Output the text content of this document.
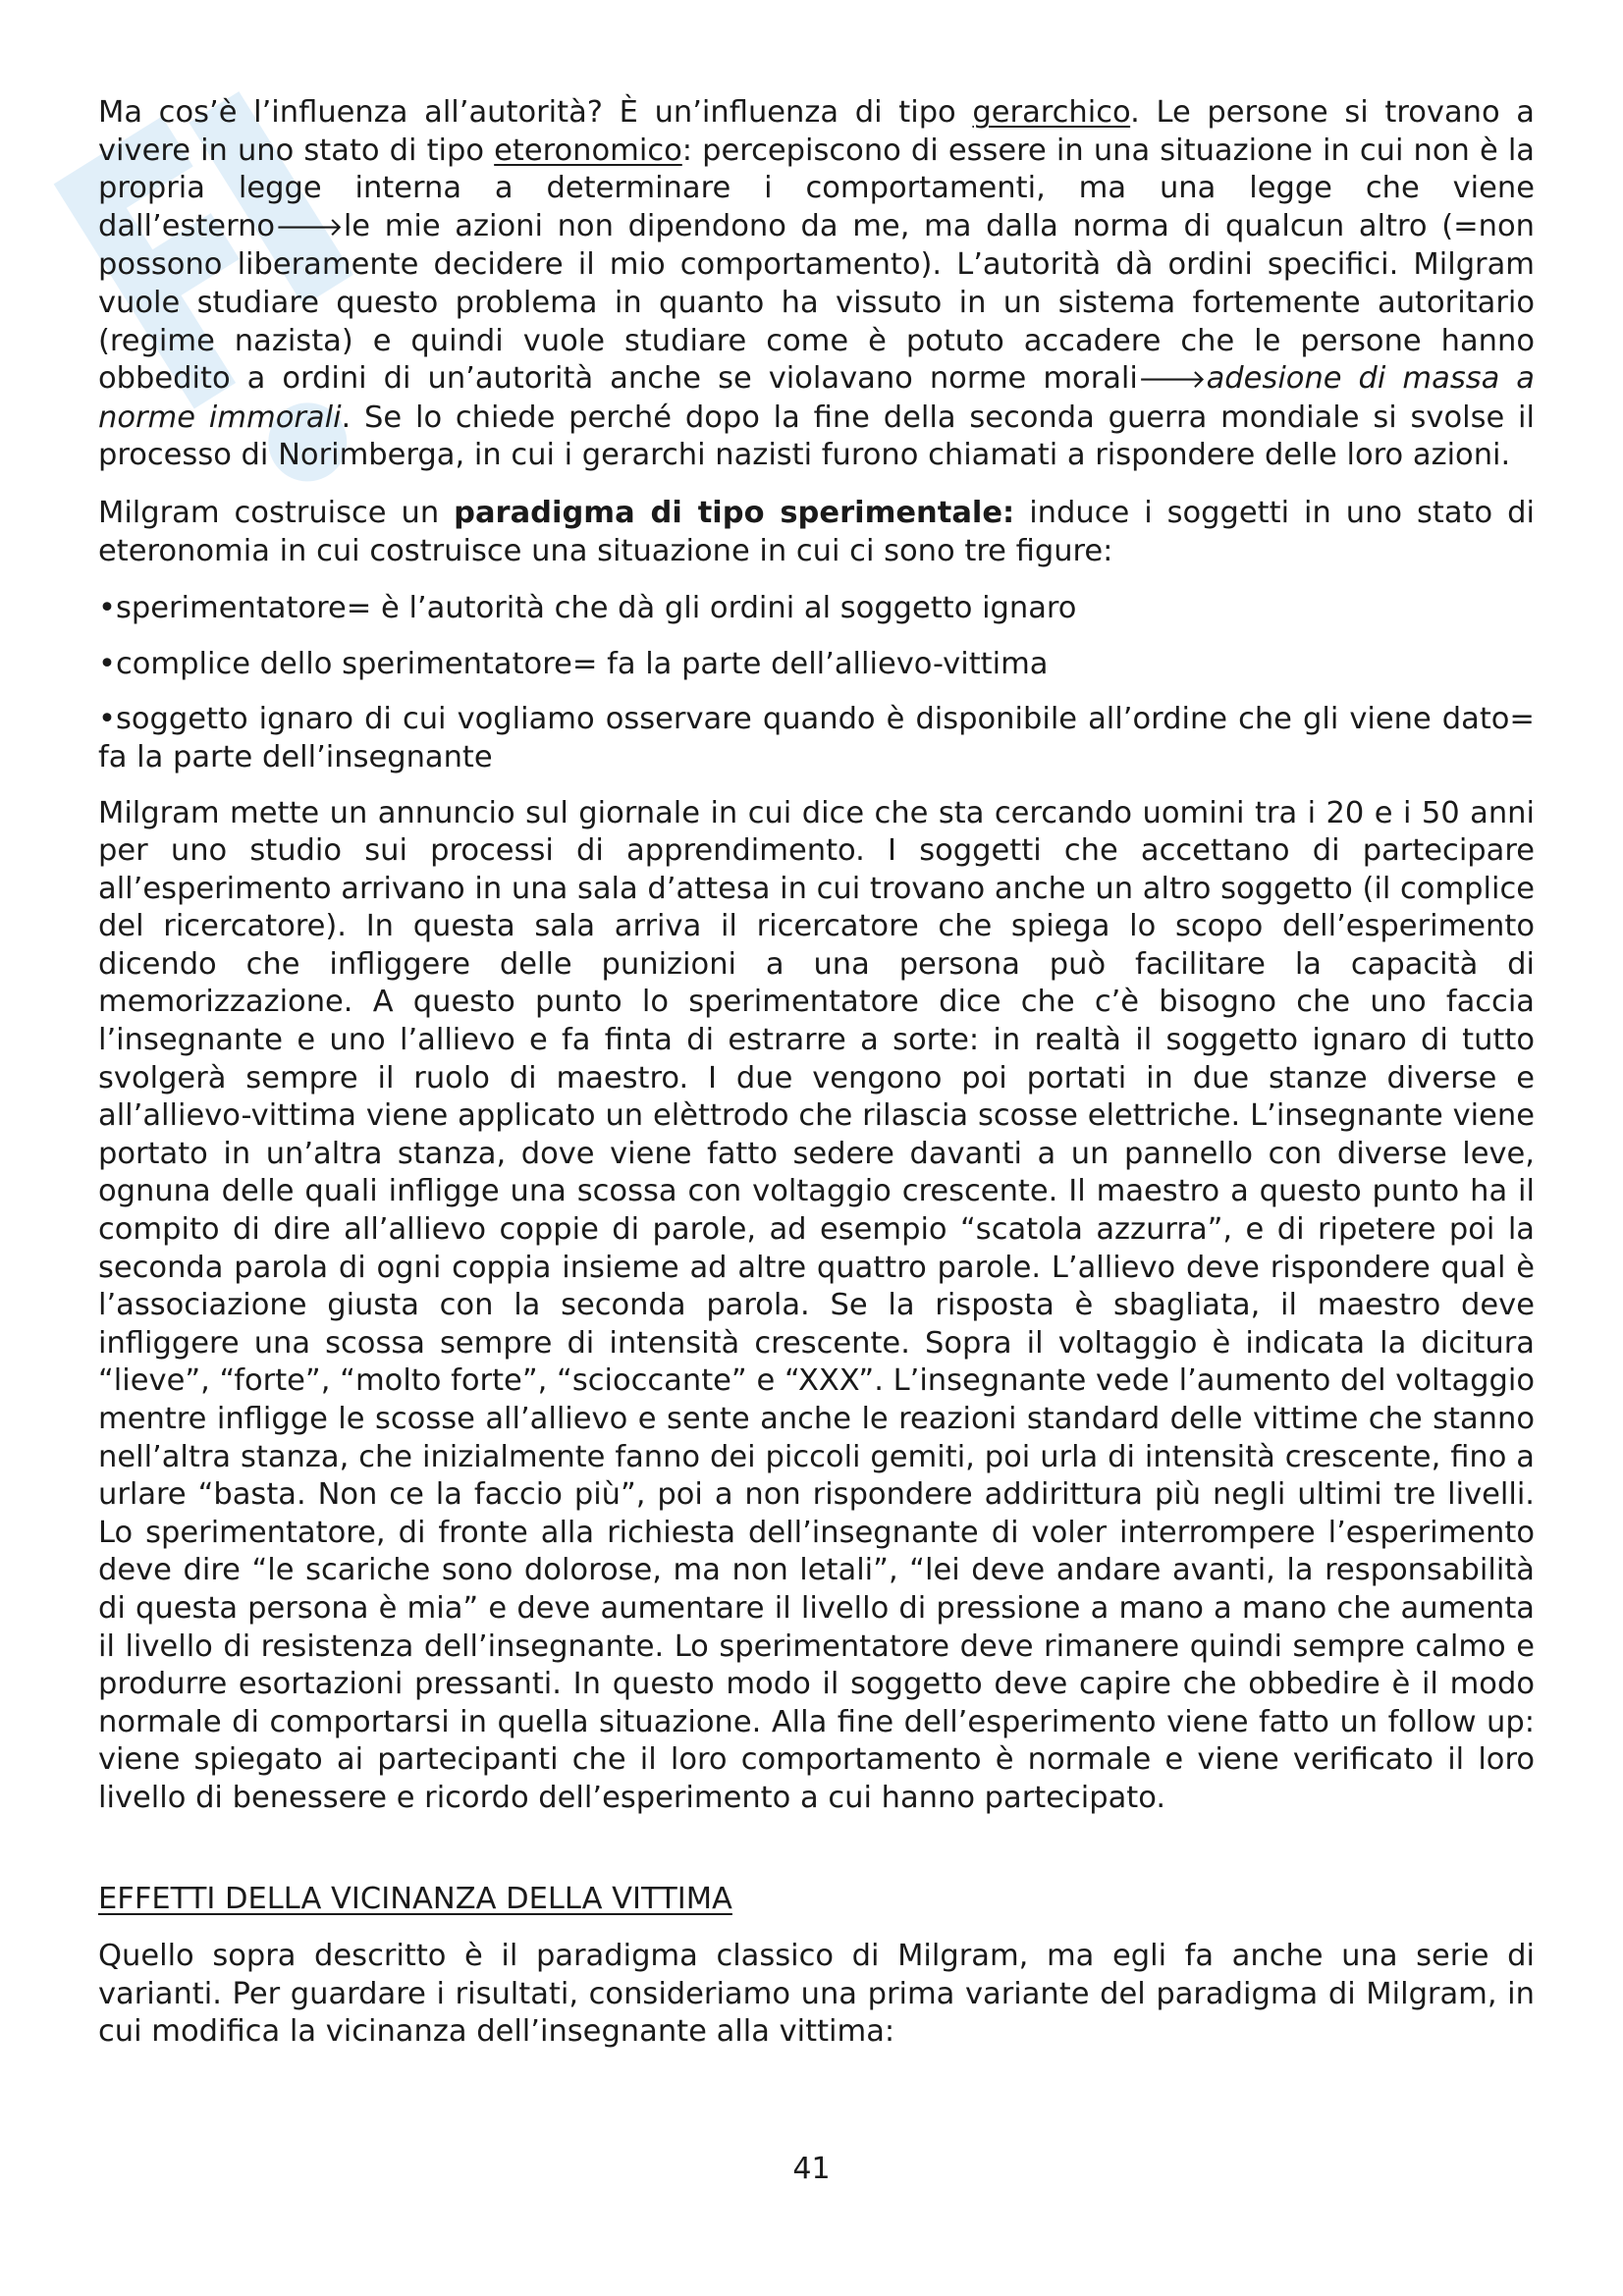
Ma cos’è l’influenza all’autorità? È un’influenza di tipo gerarchico. Le persone si trovano a vivere in uno stato di tipo eteronomico: percepiscono di essere in una situazione in cui non è la propria legge interna a determinare i comportamenti, ma una legge che viene dall’esterno🡒le mie azioni non dipendono da me, ma dalla norma di qualcun altro (=non possono liberamente decidere il mio comportamento). L’autorità dà ordini specifici. Milgram vuole studiare questo problema in quanto ha vissuto in un sistema fortemente autoritario (regime nazista) e quindi vuole studiare come è potuto accadere che le persone hanno obbedito a ordini di un’autorità anche se violavano norme morali🡒adesione di massa a norme immorali. Se lo chiede perché dopo la fine della seconda guerra mondiale si svolse il processo di Norimberga, in cui i gerarchi nazisti furono chiamati a rispondere delle loro azioni.

Milgram costruisce un paradigma di tipo sperimentale: induce i soggetti in uno stato di eteronomia in cui costruisce una situazione in cui ci sono tre figure:

•sperimentatore= è l’autorità che dà gli ordini al soggetto ignaro

•complice dello sperimentatore= fa la parte dell’allievo-vittima

•soggetto ignaro di cui vogliamo osservare quando è disponibile all’ordine che gli viene dato= fa la parte dell’insegnante

Milgram mette un annuncio sul giornale in cui dice che sta cercando uomini tra i 20 e i 50 anni per uno studio sui processi di apprendimento. I soggetti che accettano di partecipare all’esperimento arrivano in una sala d’attesa in cui trovano anche un altro soggetto (il complice del ricercatore). In questa sala arriva il ricercatore che spiega lo scopo dell’esperimento dicendo che infliggere delle punizioni a una persona può facilitare la capacità di memorizzazione. A questo punto lo sperimentatore dice che c’è bisogno che uno faccia l’insegnante e uno l’allievo e fa finta di estrarre a sorte: in realtà il soggetto ignaro di tutto svolgerà sempre il ruolo di maestro. I due vengono poi portati in due stanze diverse e all’allievo-vittima viene applicato un elèttrodo che rilascia scosse elettriche. L’insegnante viene portato in un’altra stanza, dove viene fatto sedere davanti a un pannello con diverse leve, ognuna delle quali infligge una scossa con voltaggio crescente. Il maestro a questo punto ha il compito di dire all’allievo coppie di parole, ad esempio “scatola azzurra”, e di ripetere poi la seconda parola di ogni coppia insieme ad altre quattro parole. L’allievo deve rispondere qual è l’associazione giusta con la seconda parola. Se la risposta è sbagliata, il maestro deve infliggere una scossa sempre di intensità crescente. Sopra il voltaggio è indicata la dicitura “lieve”, “forte”, “molto forte”, “scioccante” e “XXX”. L’insegnante vede l’aumento del voltaggio mentre infligge le scosse all’allievo e sente anche le reazioni standard delle vittime che stanno nell’altra stanza, che inizialmente fanno dei piccoli gemiti, poi urla di intensità crescente, fino a urlare “basta. Non ce la faccio più”, poi a non rispondere addirittura più negli ultimi tre livelli. Lo sperimentatore, di fronte alla richiesta dell’insegnante di voler interrompere l’esperimento deve dire “le scariche sono dolorose, ma non letali”, “lei deve andare avanti, la responsabilità di questa persona è mia” e deve aumentare il livello di pressione a mano a mano che aumenta il livello di resistenza dell’insegnante. Lo sperimentatore deve rimanere quindi sempre calmo e produrre esortazioni pressanti. In questo modo il soggetto deve capire che obbedire è il modo normale di comportarsi in quella situazione. Alla fine dell’esperimento viene fatto un follow up: viene spiegato ai partecipanti che il loro comportamento è normale e viene verificato il loro livello di benessere e ricordo dell’esperimento a cui hanno partecipato.

EFFETTI DELLA VICINANZA DELLA VITTIMA

Quello sopra descritto è il paradigma classico di Milgram, ma egli fa anche una serie di varianti. Per guardare i risultati, consideriamo una prima variante del paradigma di Milgram, in cui modifica la vicinanza dell’insegnante alla vittima:

41
